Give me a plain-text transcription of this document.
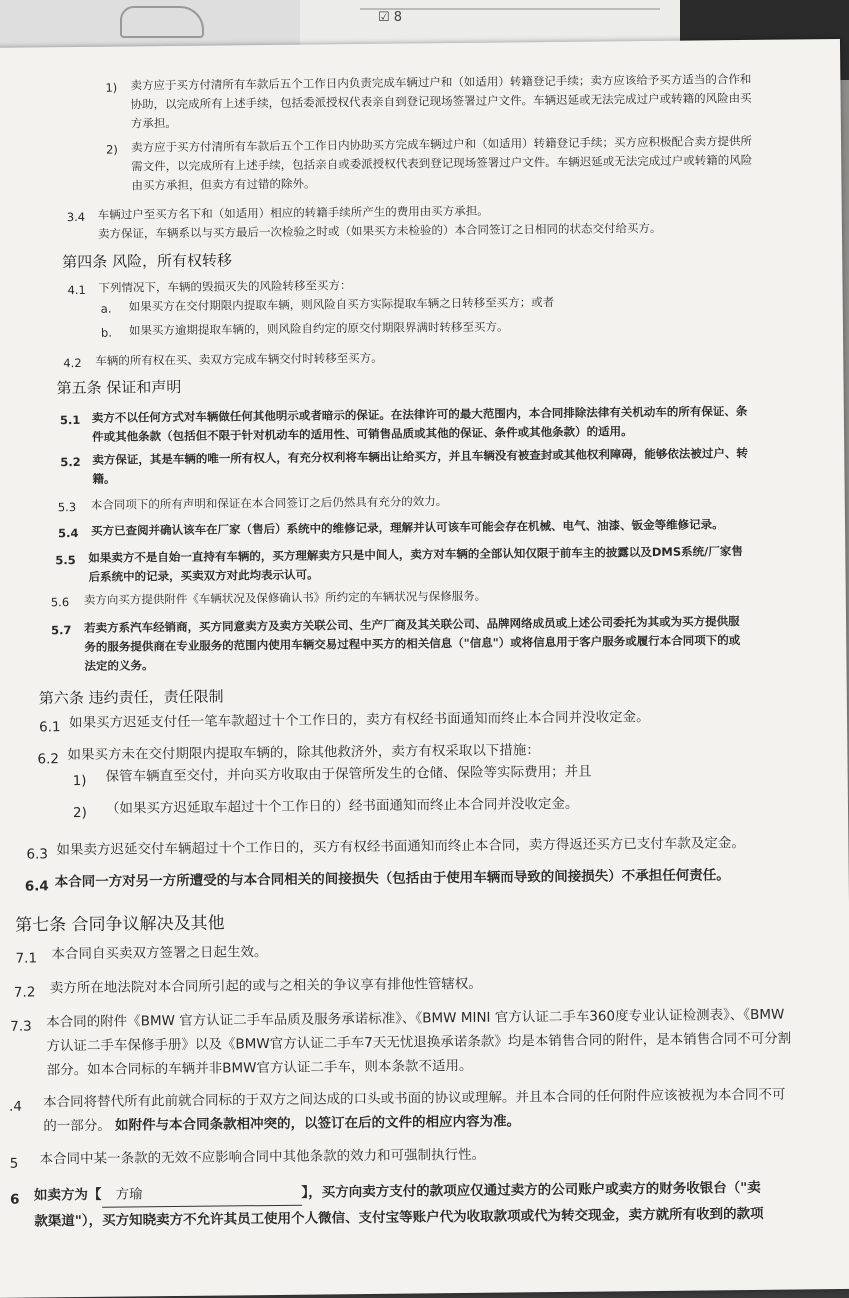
☑ 8
1) 卖方应于买方付清所有车款后五个工作日内负责完成车辆过户和（如适用）转籍登记手续；卖方应该给予买方适当的合作和
协助，以完成所有上述手续，包括委派授权代表亲自到登记现场签署过户文件。车辆迟延或无法完成过户或转籍的风险由买
方承担。
2) 卖方应于买方付清所有车款后五个工作日内协助买方完成车辆过户和（如适用）转籍登记手续；买方应积极配合卖方提供所
需文件，以完成所有上述手续，包括亲自或委派授权代表到登记现场签署过户文件。车辆迟延或无法完成过户或转籍的风险
由买方承担，但卖方有过错的除外。
3.4 车辆过户至买方名下和（如适用）相应的转籍手续所产生的费用由买方承担。
卖方保证，车辆系以与买方最后一次检验之时或（如果买方未检验的）本合同签订之日相同的状态交付给买方。
第四条 风险，所有权转移
4.1 下列情况下，车辆的毁损灭失的风险转移至买方：
a. 如果买方在交付期限内提取车辆，则风险自买方实际提取车辆之日转移至买方；或者
b. 如果买方逾期提取车辆的，则风险自约定的原交付期限界满时转移至买方。
4.2 车辆的所有权在买、卖双方完成车辆交付时转移至买方。
第五条 保证和声明
5.1 卖方不以任何方式对车辆做任何其他明示或者暗示的保证。在法律许可的最大范围内，本合同排除法律有关机动车的所有保证、条
件或其他条款（包括但不限于针对机动车的适用性、可销售品质或其他的保证、条件或其他条款）的适用。
5.2 卖方保证，其是车辆的唯一所有权人，有充分权利将车辆出让给买方，并且车辆没有被查封或其他权利障碍，能够依法被过户、转
籍。
5.3 本合同项下的所有声明和保证在本合同签订之后仍然具有充分的效力。
5.4 买方已查阅并确认该车在厂家（售后）系统中的维修记录，理解并认可该车可能会存在机械、电气、油漆、钣金等维修记录。
5.5 如果卖方不是自始一直持有车辆的，买方理解卖方只是中间人，卖方对车辆的全部认知仅限于前车主的披露以及DMS系统/厂家售
后系统中的记录，买卖双方对此均表示认可。
5.6 卖方向买方提供附件《车辆状况及保修确认书》所约定的车辆状况与保修服务。
5.7 若卖方系汽车经销商，买方同意卖方及卖方关联公司、生产厂商及其关联公司、品牌网络成员或上述公司委托为其或为买方提供服
务的服务提供商在专业服务的范围内使用车辆交易过程中买方的相关信息（"信息"）或将信息用于客户服务或履行本合同项下的或
法定的义务。
第六条 违约责任，责任限制
6.1 如果买方迟延支付任一笔车款超过十个工作日的，卖方有权经书面通知而终止本合同并没收定金。
6.2 如果买方未在交付期限内提取车辆的，除其他救济外，卖方有权采取以下措施：
1) 保管车辆直至交付，并向买方收取由于保管所发生的仓储、保险等实际费用；并且
2) （如果买方迟延取车超过十个工作日的）经书面通知而终止本合同并没收定金。
6.3 如果卖方迟延交付车辆超过十个工作日的，买方有权经书面通知而终止本合同，卖方得返还买方已支付车款及定金。
6.4 本合同一方对另一方所遭受的与本合同相关的间接损失（包括由于使用车辆而导致的间接损失）不承担任何责任。
第七条 合同争议解决及其他
7.1 本合同自买卖双方签署之日起生效。
7.2 卖方所在地法院对本合同所引起的或与之相关的争议享有排他性管辖权。
7.3 本合同的附件《BMW 官方认证二手车品质及服务承诺标准》、《BMW MINI 官方认证二手车360度专业认证检测表》、《BMW
方认证二手车保修手册》以及《BMW官方认证二手车7天无忧退换承诺条款》均是本销售合同的附件，是本销售合同不可分割
部分。如本合同标的车辆并非BMW官方认证二手车，则本条款不适用。
.4 本合同将替代所有此前就合同标的于双方之间达成的口头或书面的协议或理解。并且本合同的任何附件应该被视为本合同不可
的一部分。 如附件与本合同条款相冲突的，以签订在后的文件的相应内容为准。
5 本合同中某一条款的无效不应影响合同中其他条款的效力和可强制执行性。
6 如卖方为【 方瑜	】，买方向卖方支付的款项应仅通过卖方的公司账户或卖方的财务收银台（"卖
款渠道"），买方知晓卖方不允许其员工使用个人微信、支付宝等账户代为收取款项或代为转交现金，卖方就所有收到的款项
